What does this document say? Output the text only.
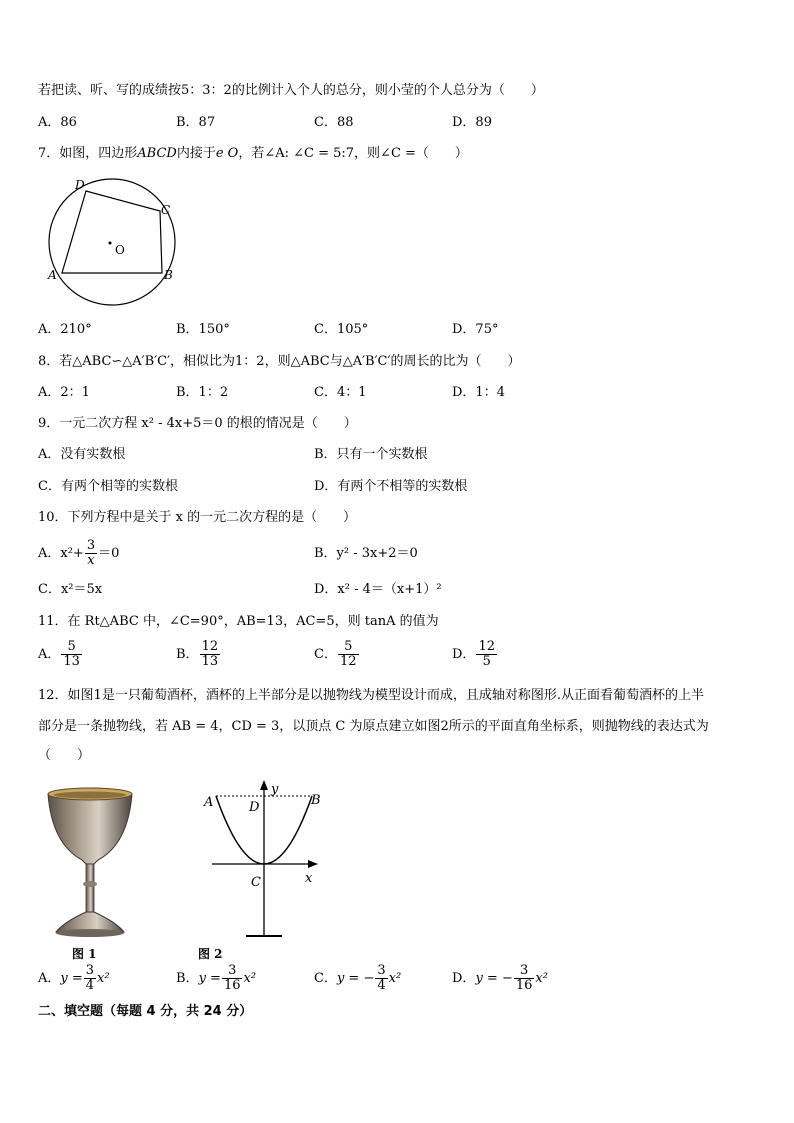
若把读、听、写的成绩按5：3：2的比例计入个人的总分，则小莹的个人总分为（　　）
A．86	B．87	C．88	D．89
7．如图，四边形ABCD内接于e O，若∠A: ∠C = 5:7，则∠C =（　　）
O
A	B
C
D
A．210°	B．150°	C．105°	D．75°
8．若△ABC∽△A′B′C′，相似比为1：2，则△ABC与△A′B′C′的周长的比为（　　）
A．2：1	B．1：2	C．4：1	D．1：4
9．一元二次方程 x² - 4x+5＝0 的根的情况是（　　）
A．没有实数根	B．只有一个实数根
C．有两个相等的实数根	D．有两个不相等的实数根
10．下列方程中是关于 x 的一元二次方程的是（　　）
A．$x^2+ \frac{3}{x} =0$	B．y² - 3x+2＝0
C．x²＝5x	D．x² - 4＝（x+1）²
11．在 Rt△ABC 中，∠C=90°，AB=13，AC=5，则 tanA 的值为
A． $\frac{5}{13}$	B． $\frac{12}{13}$	C． $\frac{5}{12}$	D． $\frac{12}{5}$
12．如图1是一只葡萄酒杯，酒杯的上半部分是以抛物线为模型设计而成，且成轴对称图形.从正面看葡萄酒杯的上半
部分是一条抛物线，若 AB = 4，CD = 3，以顶点 C 为原点建立如图2所示的平面直角坐标系，则抛物线的表达式为
（　　）
图 1
A	B
D
C
y
x
图 2
A．$y = \frac{3}{4} x^2$	B．$y = \frac{3}{16} x^2$	C．y = − $\frac{3}{4} x^2$	D．y = − $\frac{3}{16} x^2$
二、填空题（每题 4 分，共 24 分）
